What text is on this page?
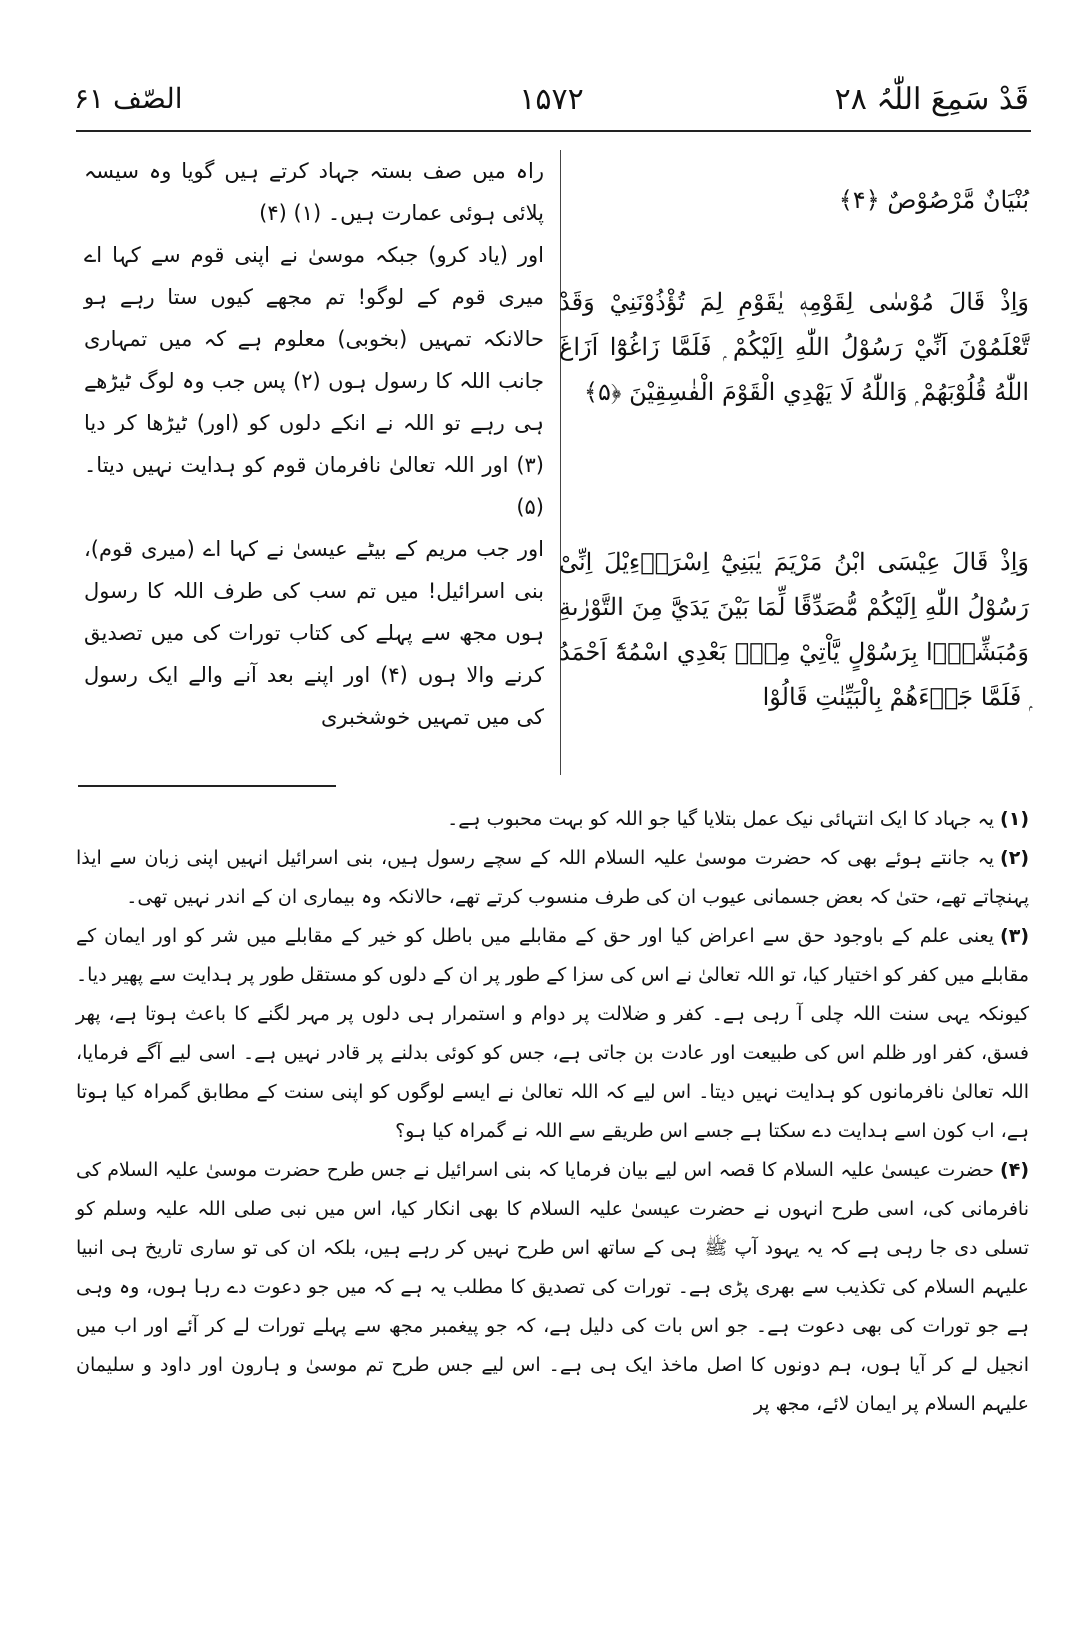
قَدْ سَمِعَ اللّٰہُ ۲۸
۱۵۷۲
الصّف ۶۱

بُنْيَانٌ مَّرْصُوْصٌ ﴿۴﴾

وَاِذْ قَالَ مُوْسٰى لِقَوْمِهٖ يٰقَوْمِ لِمَ تُؤْذُوْنَنِيْ وَقَدْ تَّعْلَمُوْنَ اَنِّيْ رَسُوْلُ اللّٰهِ اِلَيْكُمْ ۭ فَلَمَّا زَاغُوْٓا اَزَاغَ اللّٰهُ قُلُوْبَهُمْ ۭ وَاللّٰهُ لَا يَهْدِي الْقَوْمَ الْفٰسِقِيْنَ ﴿۵﴾

وَاِذْ قَالَ عِيْسَى ابْنُ مَرْيَمَ يٰبَنِيْٓ اِسْرَاۗءِيْلَ اِنِّىْ رَسُوْلُ اللّٰهِ اِلَيْكُمْ مُّصَدِّقًا لِّمَا بَيْنَ يَدَيَّ مِنَ التَّوْرٰىةِ وَمُبَشِّرًۢا بِرَسُوْلٍ يَّاْتِيْ مِنْۢ بَعْدِي اسْمُهٗٓ اَحْمَدُ ۭ فَلَمَّا جَاۗءَهُمْ بِالْبَيِّنٰتِ قَالُوْا

راہ میں صف بستہ جہاد کرتے ہیں گویا وہ سیسہ پلائی ہوئی عمارت ہیں۔ (۱) (۴)

اور (یاد کرو) جبکہ موسیٰ نے اپنی قوم سے کہا اے میری قوم کے لوگو! تم مجھے کیوں ستا رہے ہو حالانکہ تمہیں (بخوبی) معلوم ہے کہ میں تمہاری جانب اللہ کا رسول ہوں (۲) پس جب وہ لوگ ٹیڑھے ہی رہے تو اللہ نے انکے دلوں کو (اور) ٹیڑھا کر دیا (۳) اور اللہ تعالیٰ نافرمان قوم کو ہدایت نہیں دیتا۔ (۵)

اور جب مریم کے بیٹے عیسیٰ نے کہا اے (میری قوم)، بنی اسرائیل! میں تم سب کی طرف اللہ کا رسول ہوں مجھ سے پہلے کی کتاب تورات کی میں تصدیق کرنے والا ہوں (۴) اور اپنے بعد آنے والے ایک رسول کی میں تمہیں خوشخبری

(۱)یہ جہاد کا ایک انتہائی نیک عمل بتلایا گیا جو اللہ کو بہت محبوب ہے۔

(۲)یہ جانتے ہوئے بھی کہ حضرت موسیٰ علیہ السلام اللہ کے سچے رسول ہیں، بنی اسرائیل انہیں اپنی زبان سے ایذا پہنچاتے تھے، حتیٰ کہ بعض جسمانی عیوب ان کی طرف منسوب کرتے تھے، حالانکہ وہ بیماری ان کے اندر نہیں تھی۔

(۳)یعنی علم کے باوجود حق سے اعراض کیا اور حق کے مقابلے میں باطل کو خیر کے مقابلے میں شر کو اور ایمان کے مقابلے میں کفر کو اختیار کیا، تو اللہ تعالیٰ نے اس کی سزا کے طور پر ان کے دلوں کو مستقل طور پر ہدایت سے پھیر دیا۔ کیونکہ یہی سنت اللہ چلی آ رہی ہے۔ کفر و ضلالت پر دوام و استمرار ہی دلوں پر مہر لگنے کا باعث ہوتا ہے، پھر فسق، کفر اور ظلم اس کی طبیعت اور عادت بن جاتی ہے، جس کو کوئی بدلنے پر قادر نہیں ہے۔ اسی لیے آگے فرمایا، اللہ تعالیٰ نافرمانوں کو ہدایت نہیں دیتا۔ اس لیے کہ اللہ تعالیٰ نے ایسے لوگوں کو اپنی سنت کے مطابق گمراہ کیا ہوتا ہے، اب کون اسے ہدایت دے سکتا ہے جسے اس طریقے سے اللہ نے گمراہ کیا ہو؟

(۴)حضرت عیسیٰ علیہ السلام کا قصہ اس لیے بیان فرمایا کہ بنی اسرائیل نے جس طرح حضرت موسیٰ علیہ السلام کی نافرمانی کی، اسی طرح انہوں نے حضرت عیسیٰ علیہ السلام کا بھی انکار کیا، اس میں نبی صلی اللہ علیہ وسلم کو تسلی دی جا رہی ہے کہ یہ یہود آپ ﷺ ہی کے ساتھ اس طرح نہیں کر رہے ہیں، بلکہ ان کی تو ساری تاریخ ہی انبیا علیہم السلام کی تکذیب سے بھری پڑی ہے۔ تورات کی تصدیق کا مطلب یہ ہے کہ میں جو دعوت دے رہا ہوں، وہ وہی ہے جو تورات کی بھی دعوت ہے۔ جو اس بات کی دلیل ہے، کہ جو پیغمبر مجھ سے پہلے تورات لے کر آئے اور اب میں انجیل لے کر آیا ہوں، ہم دونوں کا اصل ماخذ ایک ہی ہے۔ اس لیے جس طرح تم موسیٰ و ہارون اور داود و سلیمان علیہم السلام پر ایمان لائے، مجھ پر
